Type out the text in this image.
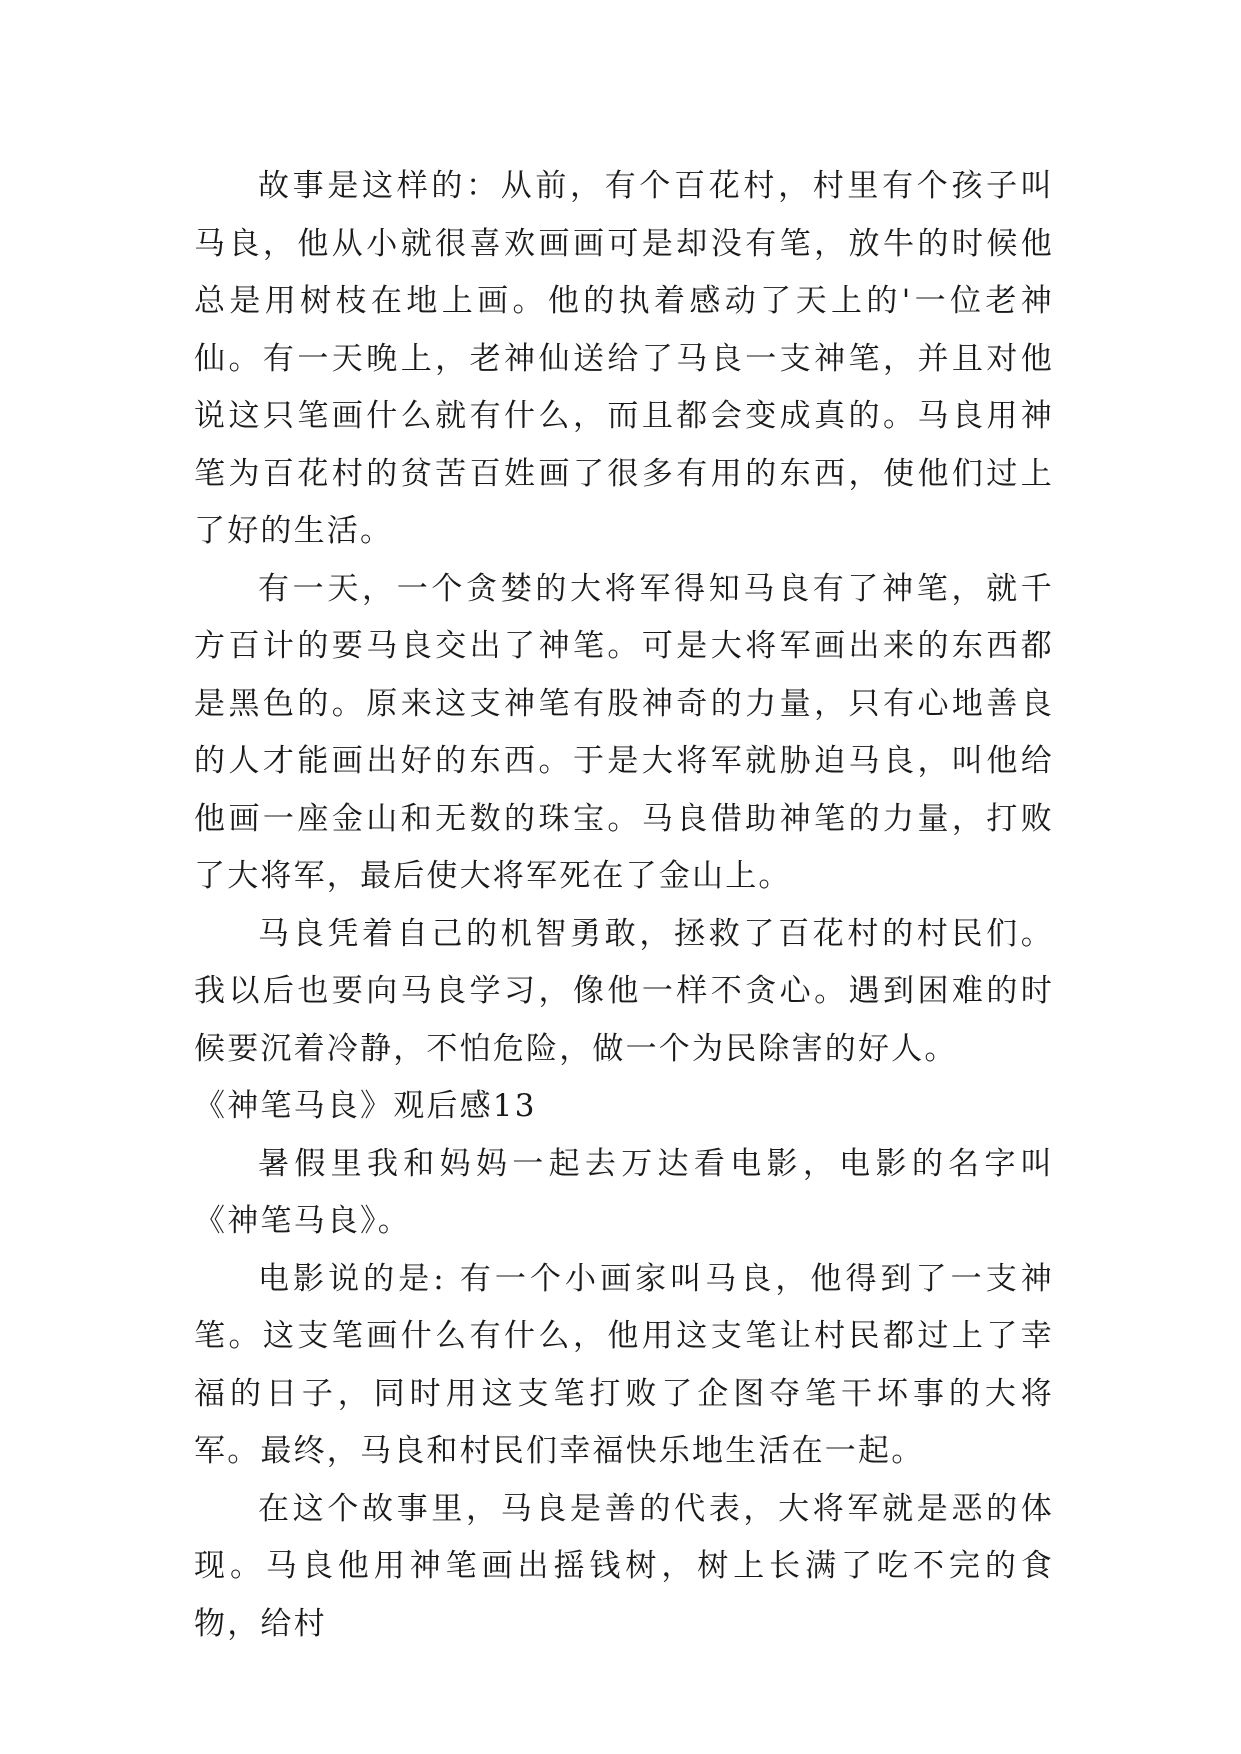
故事是这样的：从前，有个百花村，村里有个孩子叫马良，他从小就很喜欢画画可是却没有笔，放牛的时候他总是用树枝在地上画。他的执着感动了天上的'一位老神仙。有一天晚上，老神仙送给了马良一支神笔，并且对他说这只笔画什么就有什么，而且都会变成真的。马良用神笔为百花村的贫苦百姓画了很多有用的东西，使他们过上了好的生活。

有一天，一个贪婪的大将军得知马良有了神笔，就千方百计的要马良交出了神笔。可是大将军画出来的东西都是黑色的。原来这支神笔有股神奇的力量，只有心地善良的人才能画出好的东西。于是大将军就胁迫马良，叫他给他画一座金山和无数的珠宝。马良借助神笔的力量，打败了大将军，最后使大将军死在了金山上。

马良凭着自己的机智勇敢，拯救了百花村的村民们。我以后也要向马良学习，像他一样不贪心。遇到困难的时候要沉着冷静，不怕危险，做一个为民除害的好人。

《神笔马良》观后感13

暑假里我和妈妈一起去万达看电影，电影的名字叫《神笔马良》。

电影说的是: 有一个小画家叫马良，他得到了一支神笔。这支笔画什么有什么，他用这支笔让村民都过上了幸福的日子，同时用这支笔打败了企图夺笔干坏事的大将军。最终，马良和村民们幸福快乐地生活在一起。

在这个故事里，马良是善的代表，大将军就是恶的体现。马良他用神笔画出摇钱树，树上长满了吃不完的食物，给村
